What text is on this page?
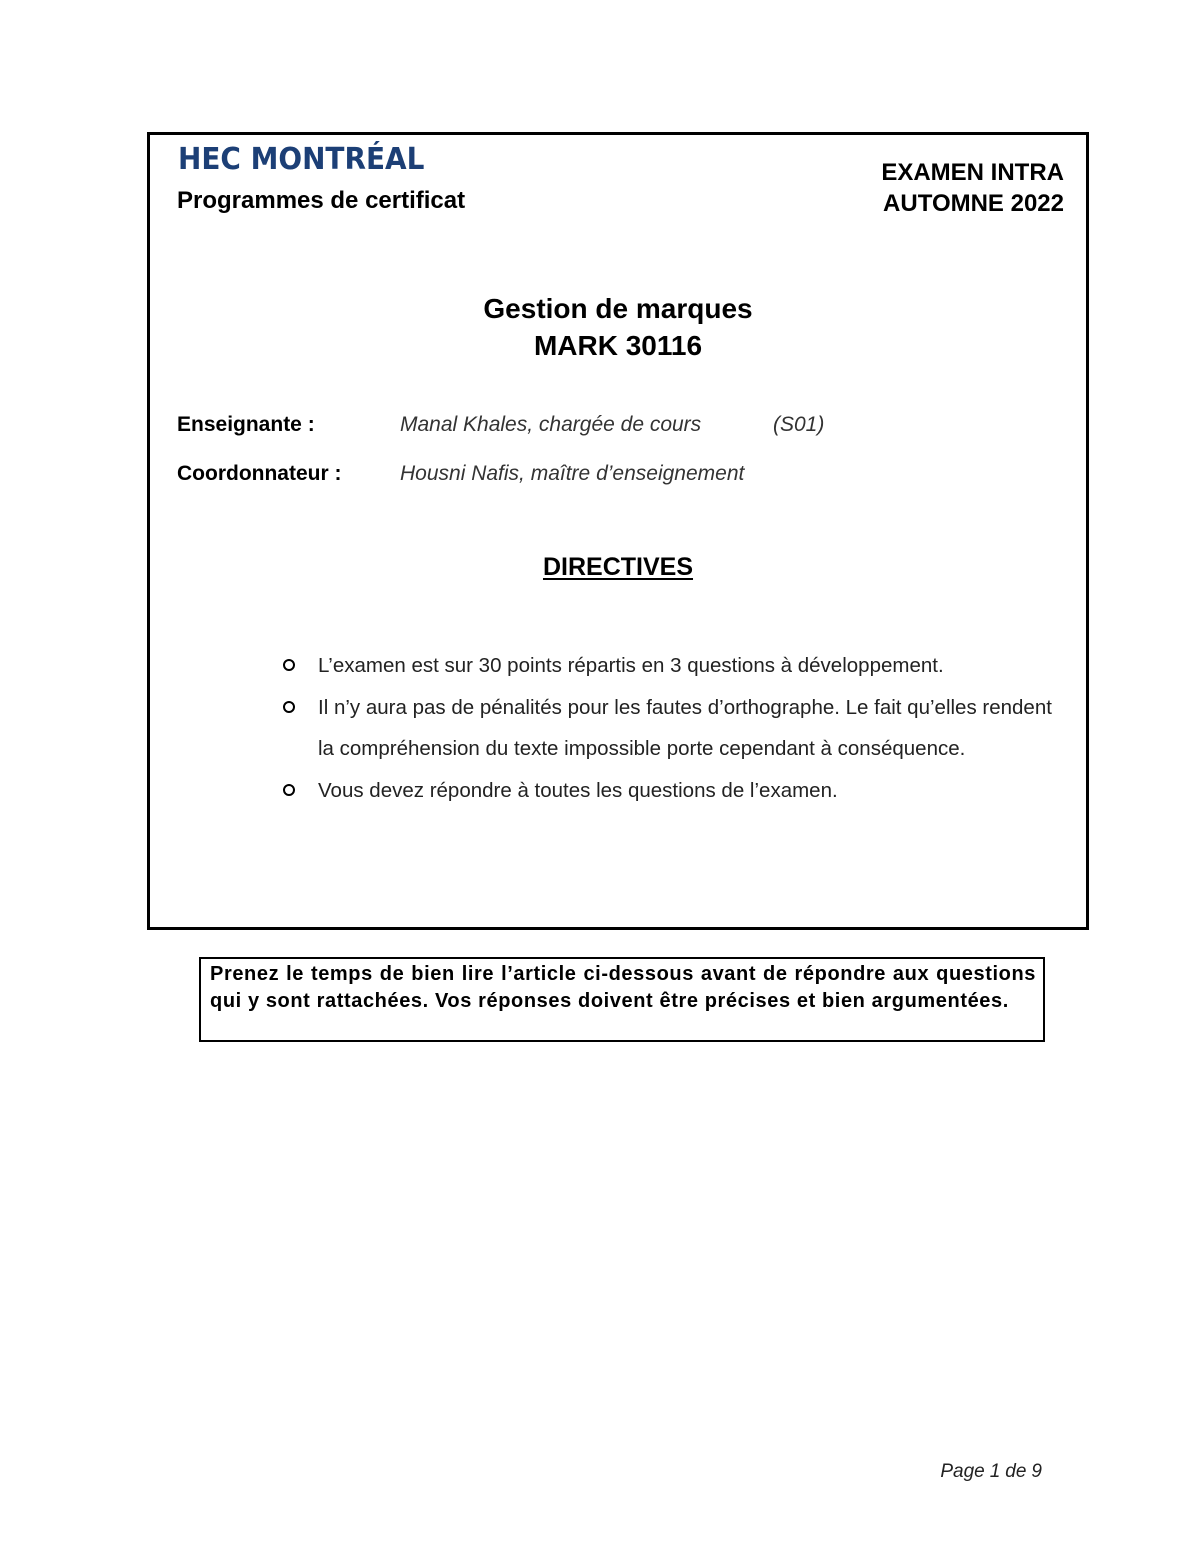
HEC MONTRÉAL
Programmes de certificat
EXAMEN INTRA
AUTOMNE 2022
Gestion de marques
MARK 30116
Enseignante :	Manal Khales, chargée de cours	(S01)
Coordonnateur :	Housni Nafis, maître d’enseignement
DIRECTIVES
L’examen est sur 30 points répartis en 3 questions à développement.
Il n’y aura pas de pénalités pour les fautes d’orthographe. Le fait qu’elles rendent la compréhension du texte impossible porte cependant à conséquence.
Vous devez répondre à toutes les questions de l’examen.
Prenez le temps de bien lire l’article ci-dessous avant de répondre aux questions qui y sont rattachées. Vos réponses doivent être précises et bien argumentées.
Page 1 de 9
